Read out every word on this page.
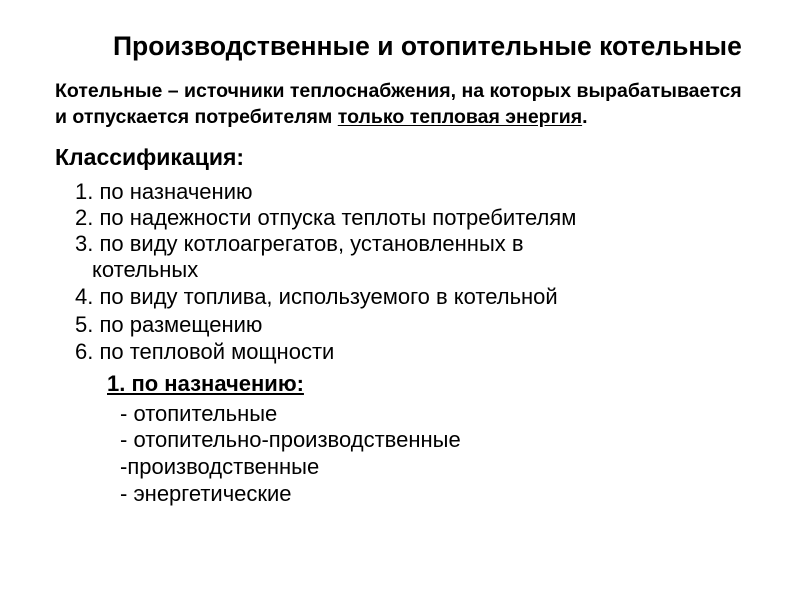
Производственные и отопительные котельные
Котельные – источники теплоснабжения, на которых вырабатывается
и отпускается потребителям только тепловая энергия.
Классификация:
1. по назначению
2. по надежности отпуска теплоты потребителям
3. по виду котлоагрегатов, установленных в
котельных
4. по виду топлива, используемого в котельной
5. по размещению
6. по тепловой мощности
1. по назначению:
- отопительные
- отопительно-производственные
-производственные
- энергетические
